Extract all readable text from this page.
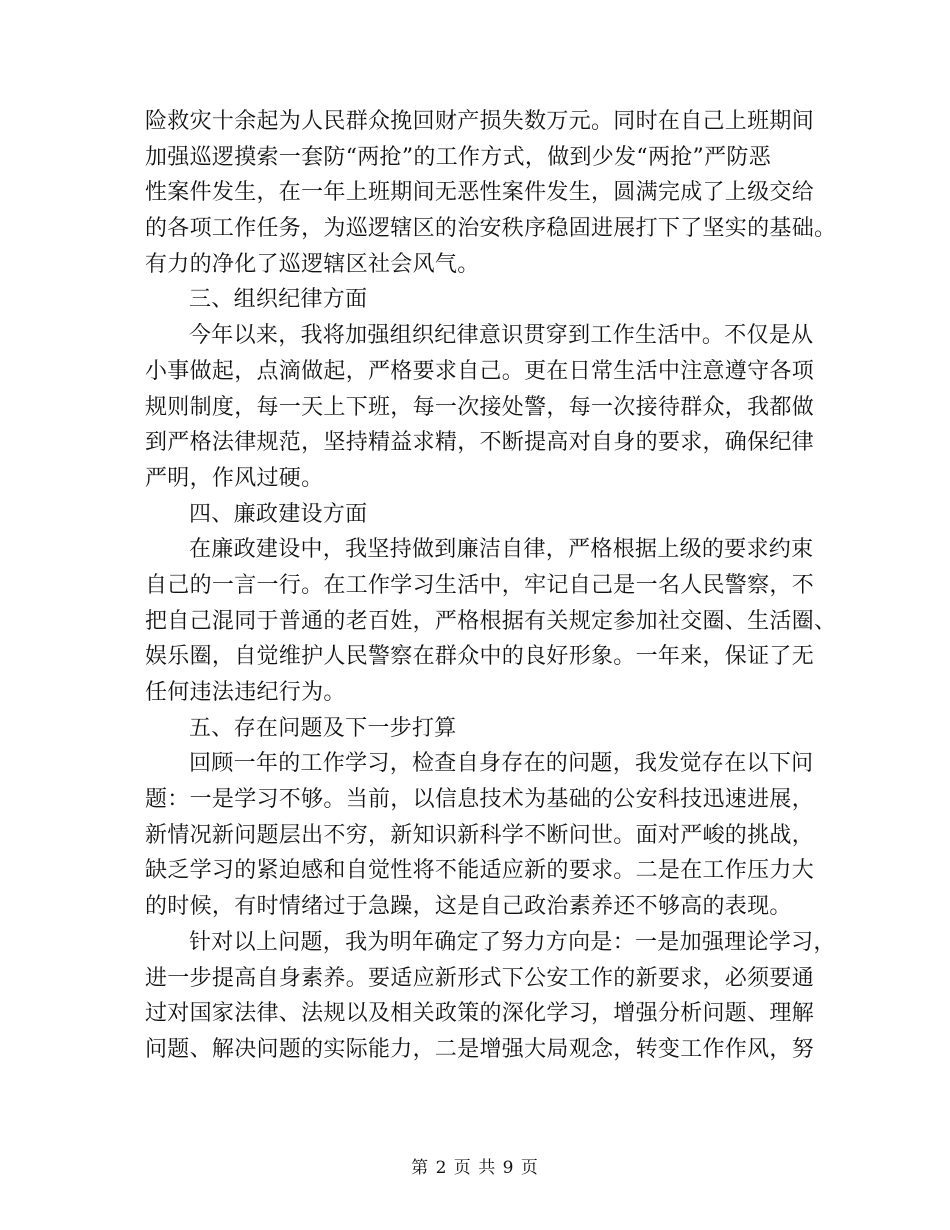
险救灾十余起为人民群众挽回财产损失数万元。同时在自己上班期间
加强巡逻摸索一套防“两抢”的工作方式，做到少发“两抢”严防恶
性案件发生，在一年上班期间无恶性案件发生，圆满完成了上级交给
的各项工作任务，为巡逻辖区的治安秩序稳固进展打下了坚实的基础。
有力的净化了巡逻辖区社会风气。
三、组织纪律方面
今年以来，我将加强组织纪律意识贯穿到工作生活中。不仅是从
小事做起，点滴做起，严格要求自己。更在日常生活中注意遵守各项
规则制度，每一天上下班，每一次接处警，每一次接待群众，我都做
到严格法律规范，坚持精益求精，不断提高对自身的要求，确保纪律
严明，作风过硬。
四、廉政建设方面
在廉政建设中，我坚持做到廉洁自律，严格根据上级的要求约束
自己的一言一行。在工作学习生活中，牢记自己是一名人民警察，不
把自己混同于普通的老百姓，严格根据有关规定参加社交圈、生活圈、
娱乐圈，自觉维护人民警察在群众中的良好形象。一年来，保证了无
任何违法违纪行为。
五、存在问题及下一步打算
回顾一年的工作学习，检查自身存在的问题，我发觉存在以下问
题：一是学习不够。当前，以信息技术为基础的公安科技迅速进展，
新情况新问题层出不穷，新知识新科学不断问世。面对严峻的挑战，
缺乏学习的紧迫感和自觉性将不能适应新的要求。二是在工作压力大
的时候，有时情绪过于急躁，这是自己政治素养还不够高的表现。
针对以上问题，我为明年确定了努力方向是：一是加强理论学习，
进一步提高自身素养。要适应新形式下公安工作的新要求，必须要通
过对国家法律、法规以及相关政策的深化学习，增强分析问题、理解
问题、解决问题的实际能力，二是增强大局观念，转变工作作风，努
第 2 页 共 9 页
